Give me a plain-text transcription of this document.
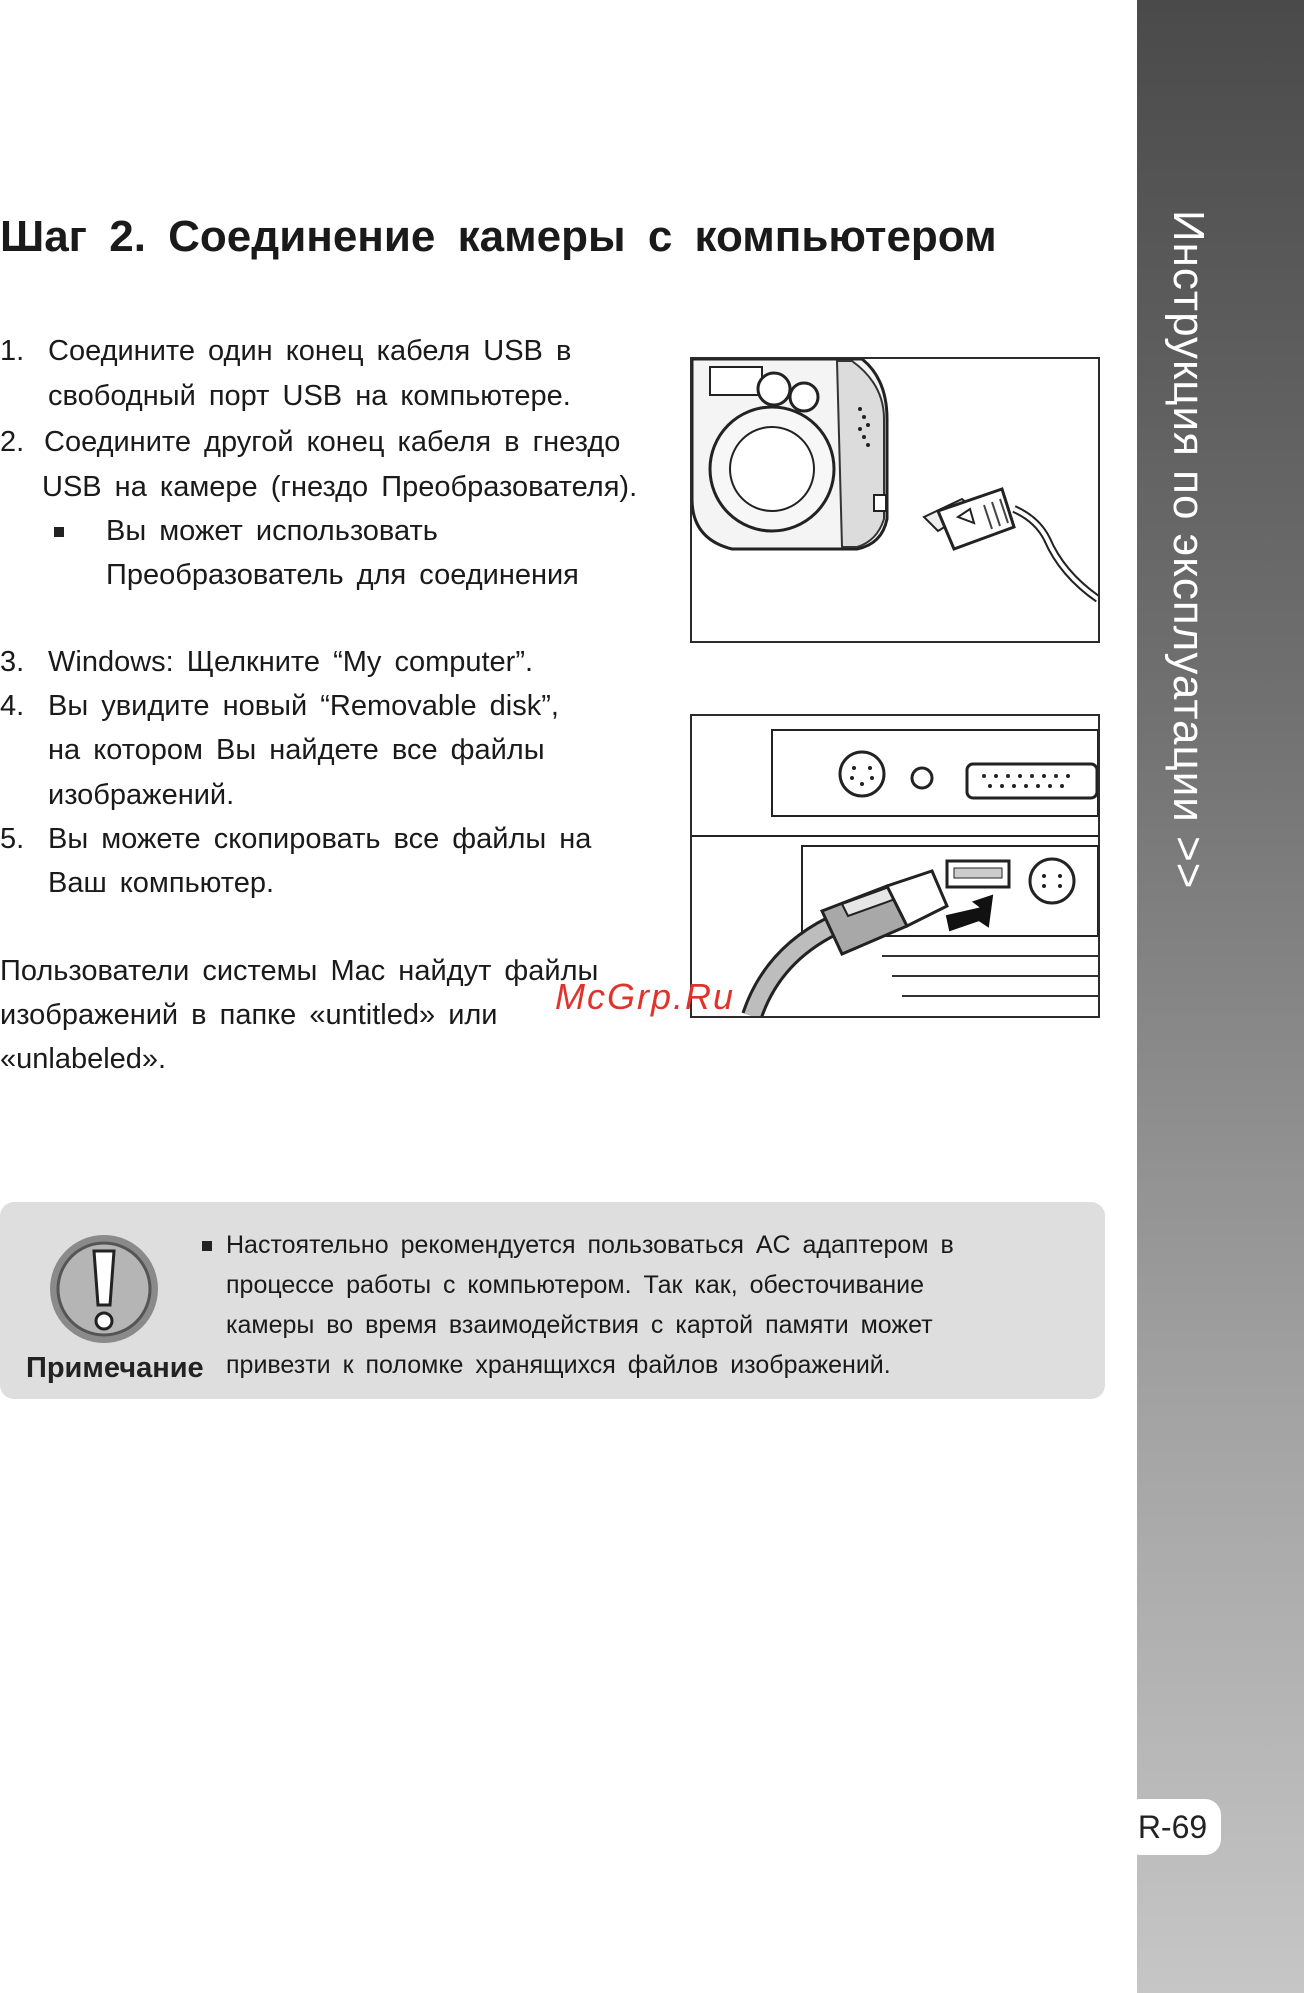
Инструкция по эксплуатации >>
R-69
Шаг 2. Соединение камеры с компьютером
1. Соедините один конец кабеля USB в
свободный порт USB на компьютере.
2. Соедините другой конец кабеля в гнездо
USB на камере (гнездо Преобразователя).
Вы может использовать
Преобразователь для соединения
3. Windows: Щелкните “My computer”.
4. Вы увидите новый “Removable disk”,
на котором Вы найдете все файлы
изображений.
5. Вы можете скопировать все файлы на
Ваш компьютер.
Пользователи системы Mac найдут файлы
изображений в папке «untitled» или
«unlabeled».
McGrp.Ru
Примечание
Настоятельно рекомендуется пользоваться AC адаптером в
процессе работы с компьютером. Так как, обесточивание
камеры во время взаимодействия с картой памяти может
привезти к поломке хранящихся файлов изображений.
